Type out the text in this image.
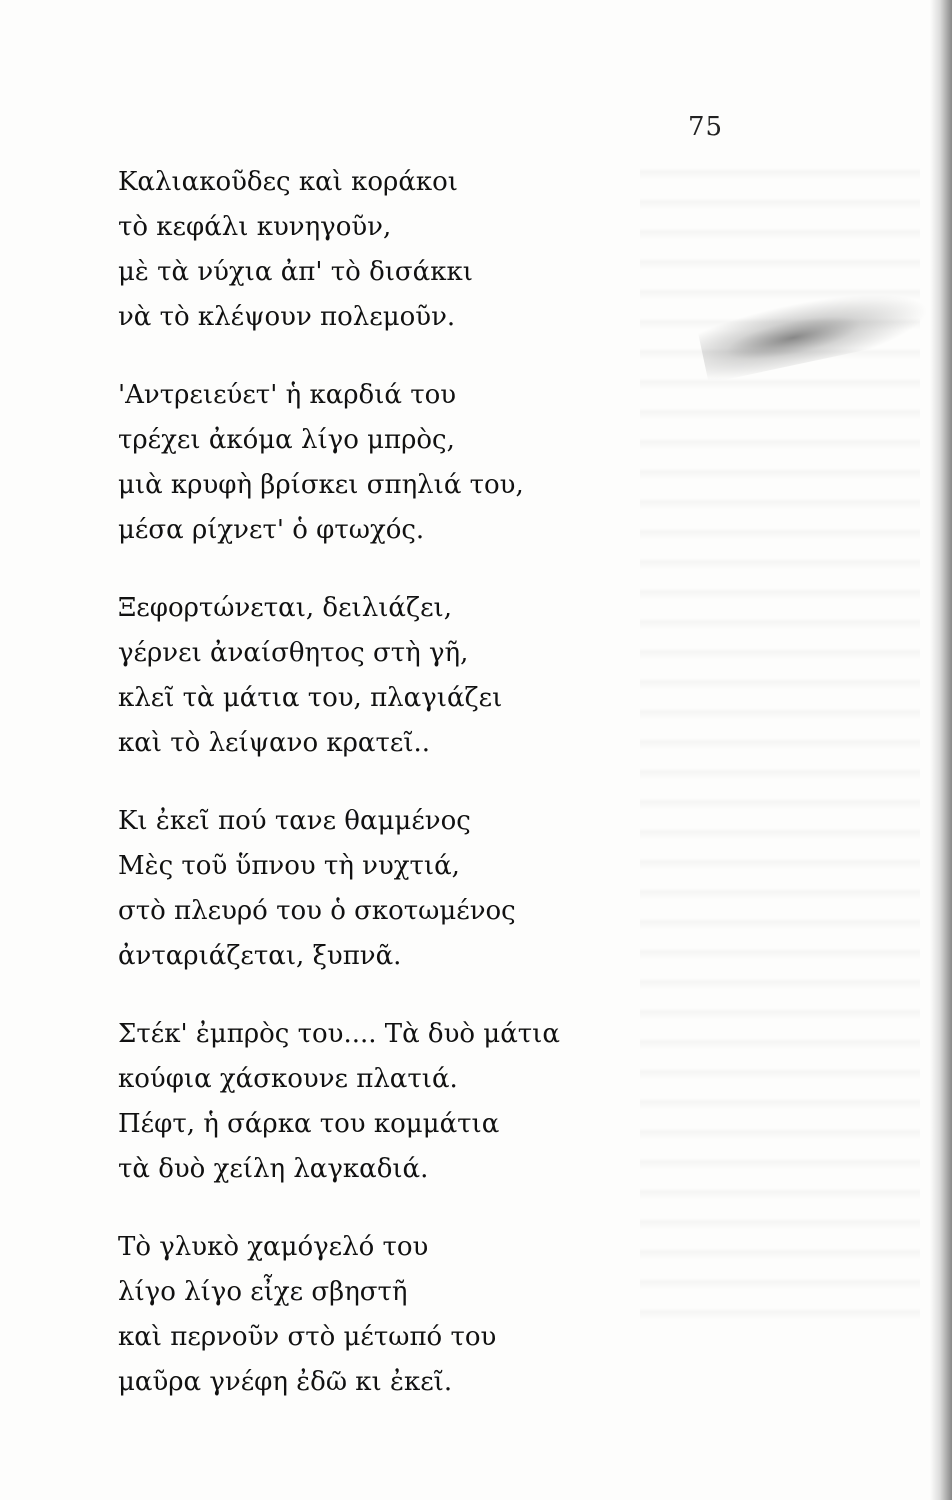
75
Καλιακοῦδες καὶ κοράκοι
τὸ κεφάλι κυνηγοῦν,
μὲ τὰ νύχια ἀπ' τὸ δισάκκι
νὰ τὸ κλέψουν πολεμοῦν.
'Αντρειεύετ' ἡ καρδιά του
τρέχει ἀκόμα λίγο μπρὸς,
μιὰ κρυφὴ βρίσκει σπηλιά του,
μέσα ρίχνετ' ὁ φτωχός.
Ξεφορτώνεται, δειλιάζει,
γέρνει ἀναίσθητος στὴ γῆ,
κλεῖ τὰ μάτια του, πλαγιάζει
καὶ τὸ λείψανο κρατεῖ..
Κι ἐκεῖ πού τανε θαμμένος
Μὲς τοῦ ὕπνου τὴ νυχτιά,
στὸ πλευρό του ὁ σκοτωμένος
ἀνταριάζεται, ξυπνᾶ.
Στέκ' ἐμπρὸς του.... Τὰ δυὸ μάτια
κούφια χάσκουνε πλατιά.
Πέφτ, ἡ σάρκα του κομμάτια
τὰ δυὸ χείλη λαγκαδιά.
Τὸ γλυκὸ χαμόγελό του
λίγο λίγο εἶχε σβηστῆ
καὶ περνοῦν στὸ μέτωπό του
μαῦρα γνέφη ἐδῶ κι ἐκεῖ.
